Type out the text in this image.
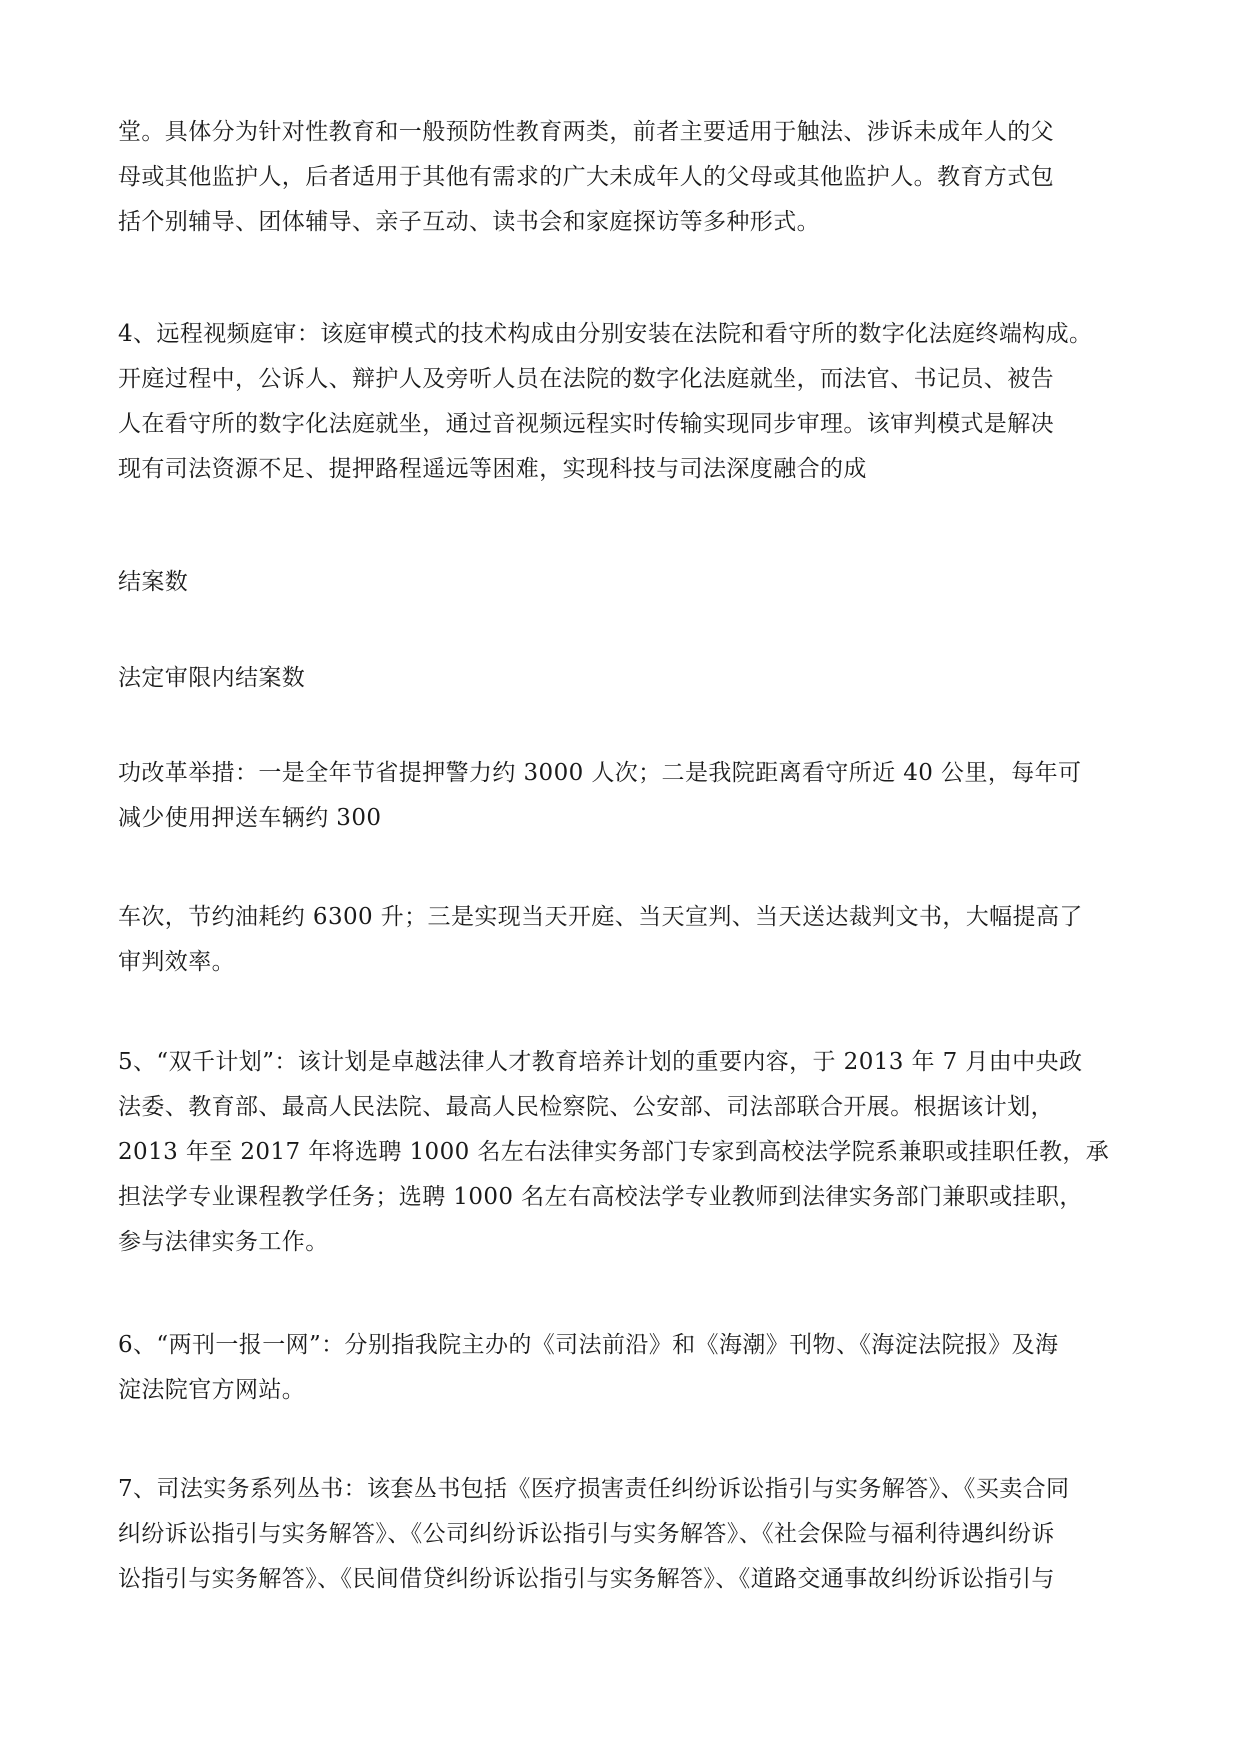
堂。具体分为针对性教育和一般预防性教育两类，前者主要适用于触法、涉诉未成年人的父
母或其他监护人，后者适用于其他有需求的广大未成年人的父母或其他监护人。教育方式包
括个别辅导、团体辅导、亲子互动、读书会和家庭探访等多种形式。
4、远程视频庭审：该庭审模式的技术构成由分别安装在法院和看守所的数字化法庭终端构成。
开庭过程中，公诉人、辩护人及旁听人员在法院的数字化法庭就坐，而法官、书记员、被告
人在看守所的数字化法庭就坐，通过音视频远程实时传输实现同步审理。该审判模式是解决
现有司法资源不足、提押路程遥远等困难，实现科技与司法深度融合的成
结案数
法定审限内结案数
功改革举措：一是全年节省提押警力约 3000 人次；二是我院距离看守所近 40 公里，每年可
减少使用押送车辆约 300
车次，节约油耗约 6300 升；三是实现当天开庭、当天宣判、当天送达裁判文书，大幅提高了
审判效率。
5、“双千计划”：该计划是卓越法律人才教育培养计划的重要内容，于 2013 年 7 月由中央政
法委、教育部、最高人民法院、最高人民检察院、公安部、司法部联合开展。根据该计划，
2013 年至 2017 年将选聘 1000 名左右法律实务部门专家到高校法学院系兼职或挂职任教，承
担法学专业课程教学任务；选聘 1000 名左右高校法学专业教师到法律实务部门兼职或挂职，
参与法律实务工作。
6、“两刊一报一网”：分别指我院主办的《司法前沿》和《海潮》刊物、《海淀法院报》及海
淀法院官方网站。
7、司法实务系列丛书：该套丛书包括《医疗损害责任纠纷诉讼指引与实务解答》、《买卖合同
纠纷诉讼指引与实务解答》、《公司纠纷诉讼指引与实务解答》、《社会保险与福利待遇纠纷诉
讼指引与实务解答》、《民间借贷纠纷诉讼指引与实务解答》、《道路交通事故纠纷诉讼指引与
